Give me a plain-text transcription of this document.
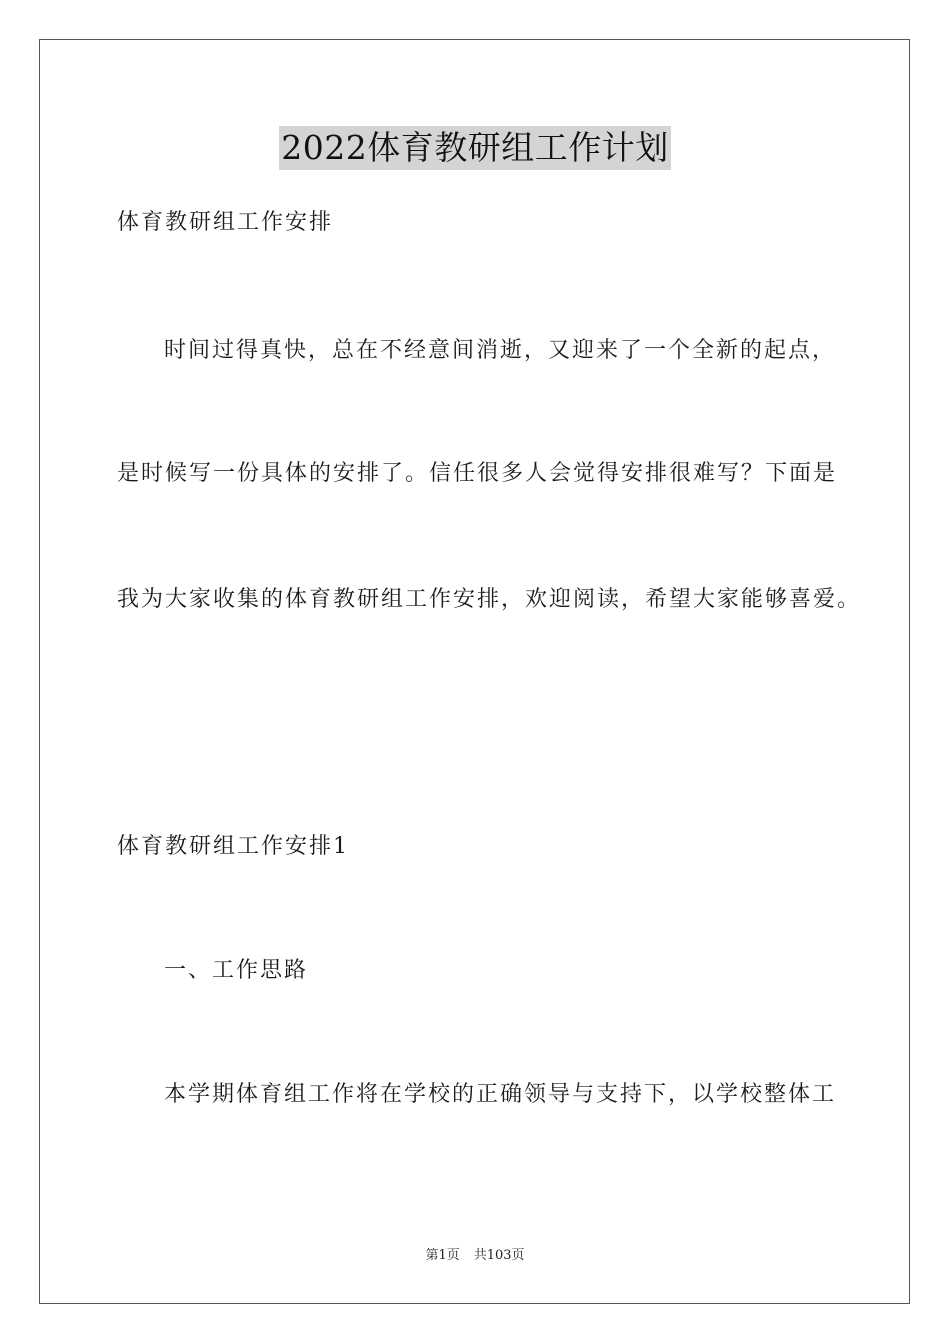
2022体育教研组工作计划
体育教研组工作安排
时间过得真快，总在不经意间消逝，又迎来了一个全新的起点，
是时候写一份具体的安排了。信任很多人会觉得安排很难写？下面是
我为大家收集的体育教研组工作安排，欢迎阅读，希望大家能够喜爱。
体育教研组工作安排1
一、工作思路
本学期体育组工作将在学校的正确领导与支持下，以学校整体工
第1页 共103页
